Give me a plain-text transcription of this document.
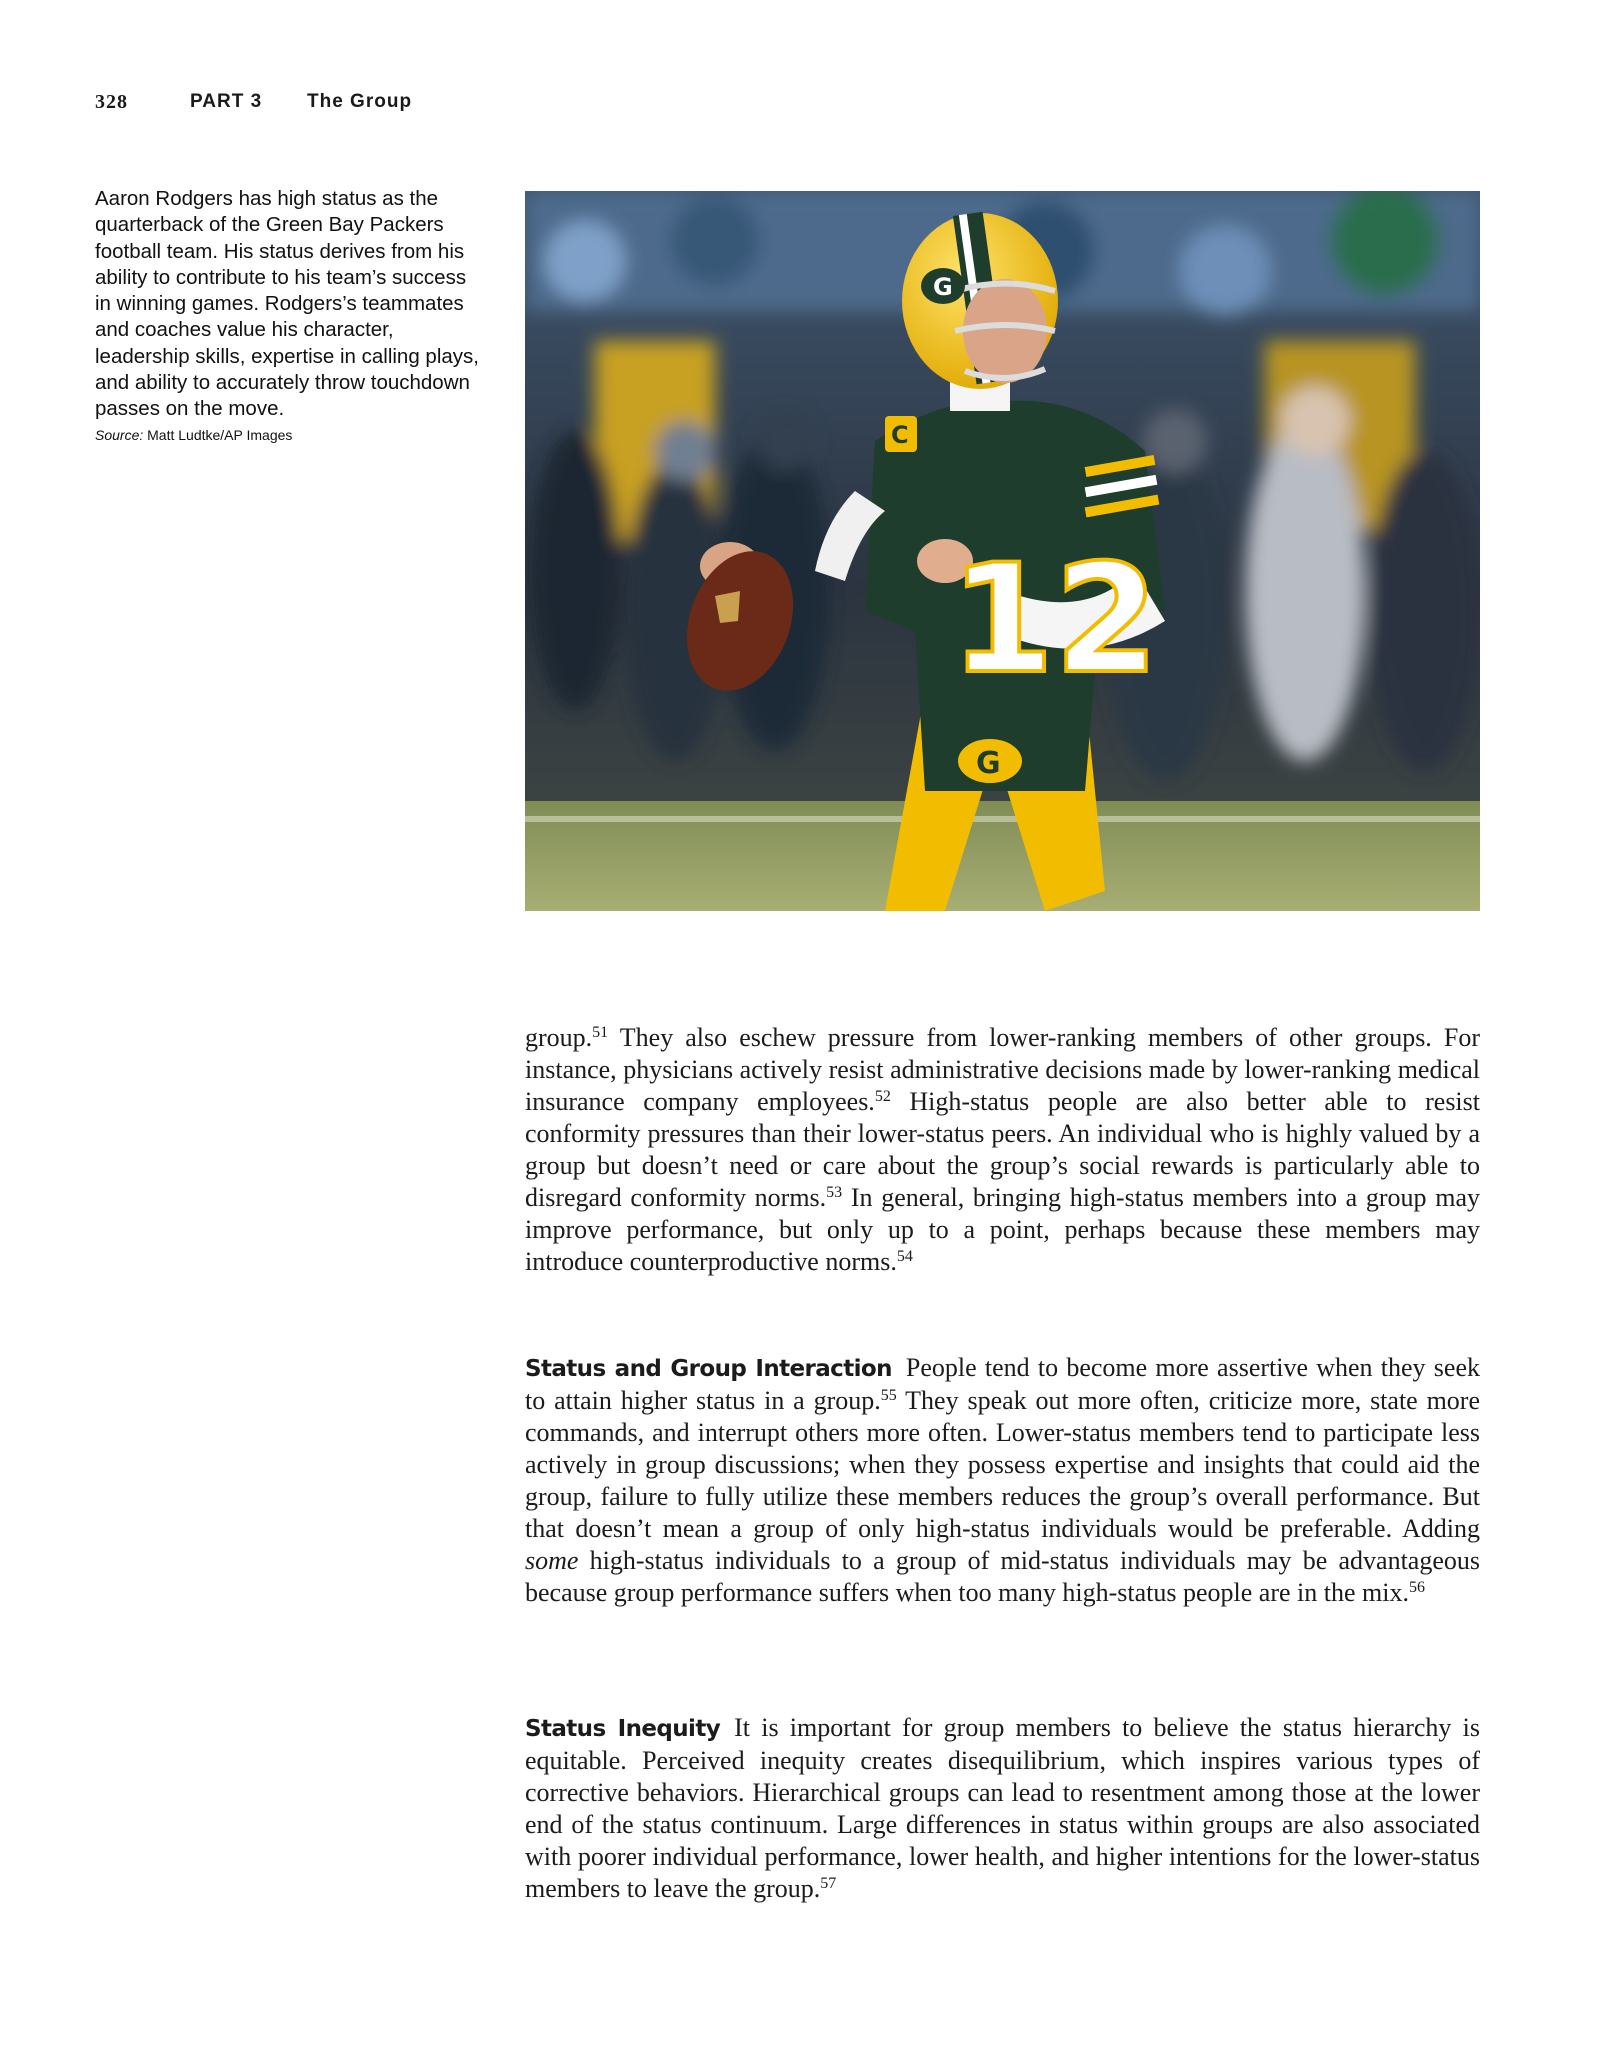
328	PART 3 The Group
Aaron Rodgers has high status as the quarterback of the Green Bay Packers football team. His status derives from his ability to contribute to his team’s success in winning games. Rodgers’s teammates and coaches value his character, leadership skills, expertise in calling plays, and ability to accurately throw touchdown passes on the move.
Source: Matt Ludtke/AP Images
12
C
G
G
group.$^{51}$ They also eschew pressure from lower-ranking members of other groups. For instance, physicians actively resist administrative decisions made by lower-ranking medical insurance company employees.$^{52}$ High-status people are also better able to resist conformity pressures than their lower-status peers. An individual who is highly valued by a group but doesn’t need or care about the group’s social rewards is particularly able to disregard conformity norms.$^{53}$ In general, bringing high-status members into a group may improve performance, but only up to a point, perhaps because these members may introduce counterproductive norms.$^{54}$
Status and Group Interaction People tend to become more assertive when they seek to attain higher status in a group.$^{55}$ They speak out more often, criticize more, state more commands, and interrupt others more often. Lower-status members tend to participate less actively in group discussions; when they possess expertise and insights that could aid the group, failure to fully utilize these members reduces the group’s overall performance. But that doesn’t mean a group of only high-status individuals would be preferable. Adding some high-status individuals to a group of mid-status individuals may be advantageous because group performance suffers when too many high-status people are in the mix.$^{56}$
Status Inequity It is important for group members to believe the status hierarchy is equitable. Perceived inequity creates disequilibrium, which inspires various types of corrective behaviors. Hierarchical groups can lead to resentment among those at the lower end of the status continuum. Large differences in status within groups are also associated with poorer individual performance, lower health, and higher intentions for the lower-status members to leave the group.$^{57}$
